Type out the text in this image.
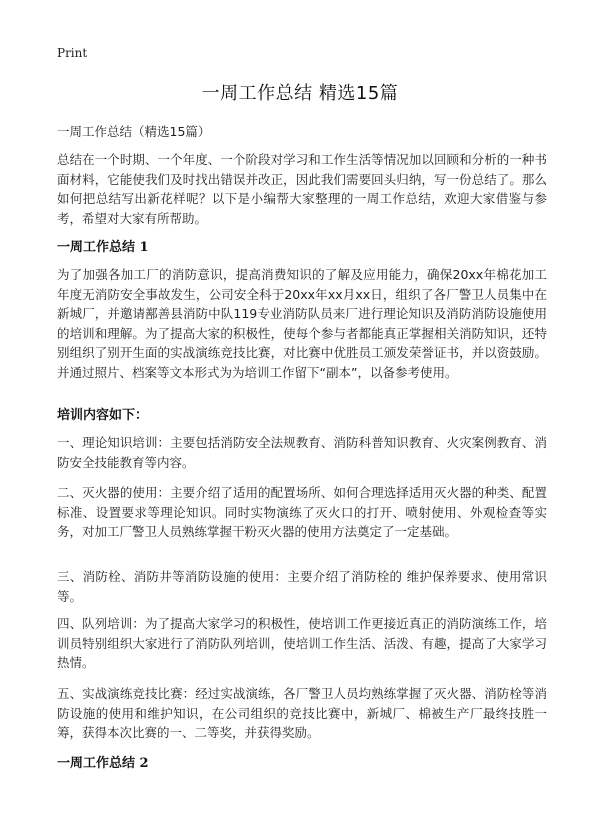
Print
一周工作总结 精选15篇
一周工作总结（精选15篇）
总结在一个时期、一个年度、一个阶段对学习和工作生活等情况加以回顾和分析的一种书面材料，它能使我们及时找出错误并改正，因此我们需要回头归纳，写一份总结了。那么如何把总结写出新花样呢？以下是小编帮大家整理的一周工作总结，欢迎大家借鉴与参考，希望对大家有所帮助。
一周工作总结 1
为了加强各加工厂的消防意识，提高消费知识的了解及应用能力，确保20xx年棉花加工年度无消防安全事故发生，公司安全科于20xx年xx月xx日，组织了各厂警卫人员集中在新城厂，并邀请鄯善县消防中队119专业消防队员来厂进行理论知识及消防消防设施使用的培训和理解。为了提高大家的积极性，使每个参与者都能真正掌握相关消防知识，还特别组织了别开生面的实战演练竞技比赛，对比赛中优胜员工颁发荣誉证书，并以资鼓励。并通过照片、档案等文本形式为为培训工作留下“副本”，以备参考使用。
培训内容如下：
一、理论知识培训：主要包括消防安全法规教育、消防科普知识教育、火灾案例教育、消防安全技能教育等内容。
二、灭火器的使用：主要介绍了适用的配置场所、如何合理选择适用灭火器的种类、配置标准、设置要求等理论知识。同时实物演练了灭火口的打开、喷射使用、外观检查等实务，对加工厂警卫人员熟练掌握干粉灭火器的使用方法奠定了一定基础。
三、消防栓、消防井等消防设施的使用：主要介绍了消防栓的 维护保养要求、使用常识等。
四、队列培训：为了提高大家学习的积极性，使培训工作更接近真正的消防演练工作，培训员特别组织大家进行了消防队列培训，使培训工作生活、活泼、有趣，提高了大家学习热情。
五、实战演练竞技比赛：经过实战演练，各厂警卫人员均熟练掌握了灭火器、消防栓等消防设施的使用和维护知识，在公司组织的竞技比赛中，新城厂、棉被生产厂最终技胜一筹，获得本次比赛的一、二等奖，并获得奖励。
一周工作总结 2
